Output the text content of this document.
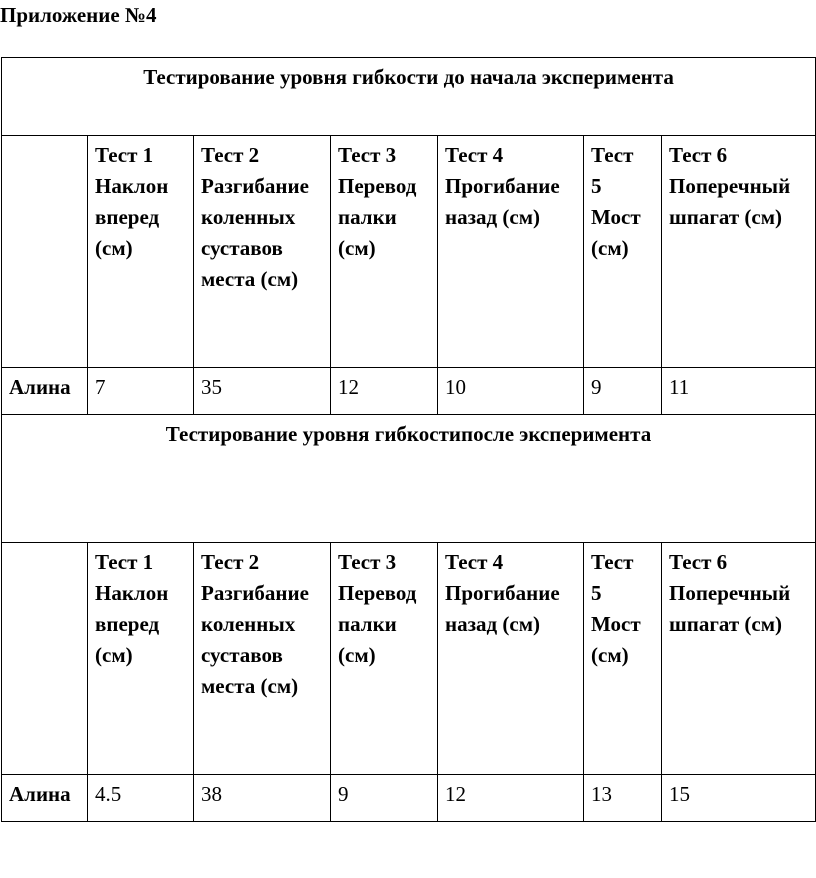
Приложение №4
Тестирование уровня гибкости до начала эксперимента						

	Тест 1
Наклон
вперед
(см)	Тест 2
Разгибание
коленных
суставов
места (см)	Тест 3
Перевод
палки
(см)	Тест 4
Прогибание
назад (см)	Тест
5
Мост
(см)	Тест 6
Поперечный
шпагат (см)

Алина	7	35	12	10	9	11
Тестирование уровня гибкостипосле эксперимента						

	Тест 1
Наклон
вперед
(см)	Тест 2
Разгибание
коленных
суставов
места (см)	Тест 3
Перевод
палки
(см)	Тест 4
Прогибание
назад (см)	Тест
5
Мост
(см)	Тест 6
Поперечный
шпагат (см)

Алина	4.5	38	9	12	13	15
